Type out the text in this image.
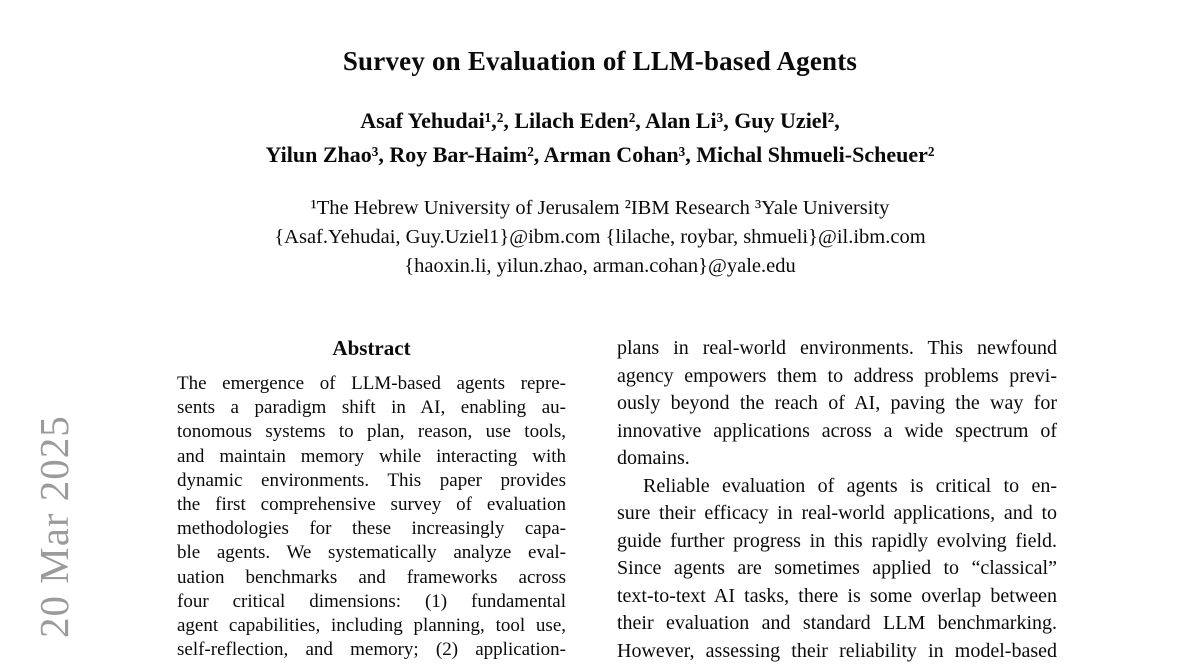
20 Mar 2025
Survey on Evaluation of LLM-based Agents
Asaf Yehudai¹,², Lilach Eden², Alan Li³, Guy Uziel²,
Yilun Zhao³, Roy Bar-Haim², Arman Cohan³, Michal Shmueli-Scheuer²
¹The Hebrew University of Jerusalem ²IBM Research ³Yale University
{Asaf.Yehudai, Guy.Uziel1}@ibm.com {lilache, roybar, shmueli}@il.ibm.com
{haoxin.li, yilun.zhao, arman.cohan}@yale.edu
Abstract
The emergence of LLM-based agents repre-
sents a paradigm shift in AI, enabling au-
tonomous systems to plan, reason, use tools,
and maintain memory while interacting with
dynamic environments. This paper provides
the first comprehensive survey of evaluation
methodologies for these increasingly capa-
ble agents. We systematically analyze eval-
uation benchmarks and frameworks across
four critical dimensions: (1) fundamental
agent capabilities, including planning, tool use,
self-reflection, and memory; (2) application-
plans in real-world environments. This newfound
agency empowers them to address problems previ-
ously beyond the reach of AI, paving the way for
innovative applications across a wide spectrum of
domains.
Reliable evaluation of agents is critical to en-
sure their efficacy in real-world applications, and to
guide further progress in this rapidly evolving field.
Since agents are sometimes applied to “classical”
text-to-text AI tasks, there is some overlap between
their evaluation and standard LLM benchmarking.
However, assessing their reliability in model-based
